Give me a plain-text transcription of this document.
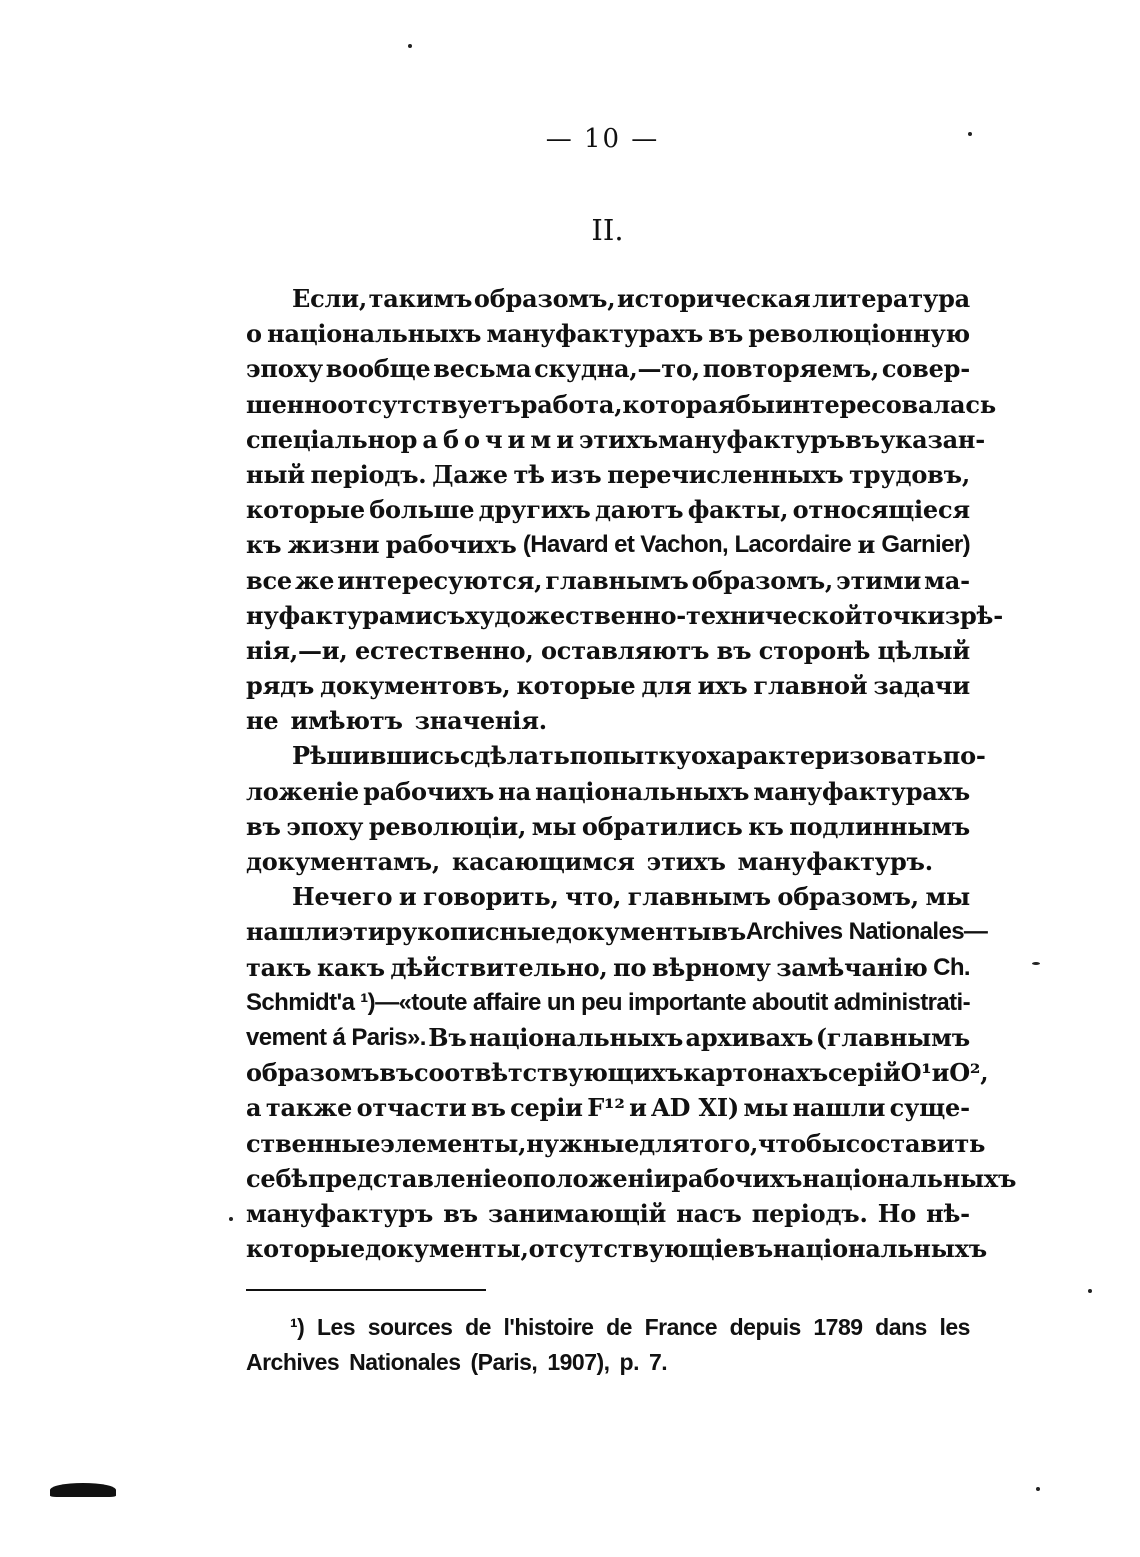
— 10 —
II.
Если, такимъ образомъ, историческая литература
о національныхъ мануфактурахъ въ революціонную
эпоху вообще весьма скудна,—то, повторяемъ, совер-
шенно отсутствуетъ работа, которая бы интересовалась
спеціально рабочими этихъ мануфактуръ въ указан-
ный періодъ. Даже тѣ изъ перечисленныхъ трудовъ,
которые больше другихъ даютъ факты, относящіеся
къ жизни рабочихъ (Havard et Vachon, Lacordaire и Garnier)
все же интересуются, главнымъ образомъ, этими ма-
нуфактурами съ художественно-технической точки зрѣ-
нія,—и, естественно, оставляютъ въ сторонѣ цѣлый
рядъ документовъ, которые для ихъ главной задачи
не имѣютъ значенія.
Рѣшившись сдѣлать попытку охарактеризовать по-
ложеніе рабочихъ на національныхъ мануфактурахъ
въ эпоху революціи, мы обратились къ подлиннымъ
документамъ, касающимся этихъ мануфактуръ.
Нечего и говорить, что, главнымъ образомъ, мы
нашли эти рукописные документы въ Archives Nationales—
такъ какъ дѣйствительно, по вѣрному замѣчанію Ch.
Schmidt'a ¹)—«toute affaire un peu importante aboutit administrati-
vement á Paris». Въ національныхъ архивахъ (главнымъ
образомъ въ соотвѣтствующихъ картонахъ серій O¹ и O²,
а также отчасти въ серіи F¹² и AD XI) мы нашли суще-
ственные элементы, нужные для того, чтобы составить
себѣ представленіе о положеніи рабочихъ національныхъ
мануфактуръ въ занимающій насъ періодъ. Но нѣ-
которые документы, отсутствующіе въ національныхъ
¹) Les sources de l'histoire de France depuis 1789 dans les
Archives Nationales (Paris, 1907), p. 7.
